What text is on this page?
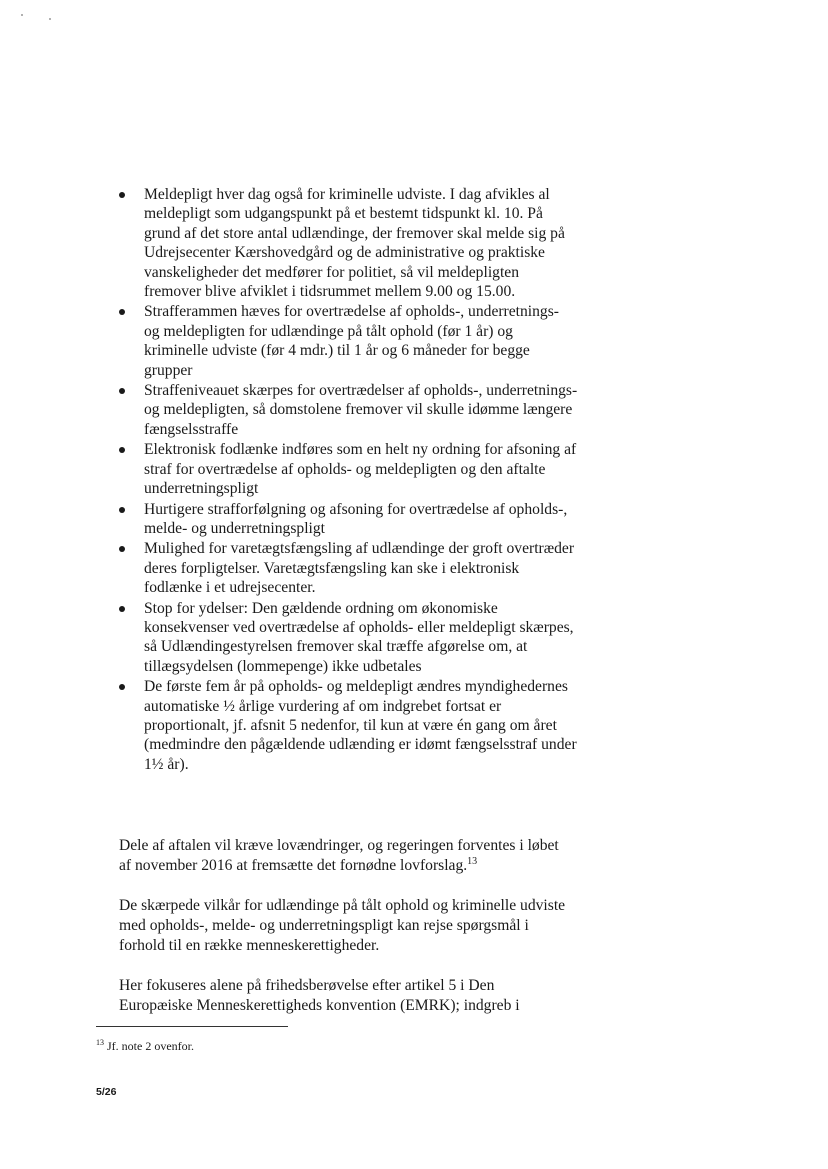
Meldepligt hver dag også for kriminelle udviste. I dag afvikles al meldepligt som udgangspunkt på et bestemt tidspunkt kl. 10. På grund af det store antal udlændinge, der fremover skal melde sig på Udrejsecenter Kærshovedgård og de administrative og praktiske vanskeligheder det medfører for politiet, så vil meldepligten fremover blive afviklet i tidsrummet mellem 9.00 og 15.00.
Strafferammen hæves for overtrædelse af opholds-, underretnings- og meldepligten for udlændinge på tålt ophold (før 1 år) og kriminelle udviste (før 4 mdr.) til 1 år og 6 måneder for begge grupper
Straffeniveauet skærpes for overtrædelser af opholds-, underretnings- og meldepligten, så domstolene fremover vil skulle idømme længere fængselsstraffe
Elektronisk fodlænke indføres som en helt ny ordning for afsoning af straf for overtrædelse af opholds- og meldepligten og den aftalte underretningspligt
Hurtigere strafforfølgning og afsoning for overtrædelse af opholds-, melde- og underretningspligt
Mulighed for varetægtsfængsling af udlændinge der groft overtræder deres forpligtelser. Varetægtsfængsling kan ske i elektronisk fodlænke i et udrejsecenter.
Stop for ydelser: Den gældende ordning om økonomiske konsekvenser ved overtrædelse af opholds- eller meldepligt skærpes, så Udlændingestyrelsen fremover skal træffe afgørelse om, at tillægsydelsen (lommepenge) ikke udbetales
De første fem år på opholds- og meldepligt ændres myndighedernes automatiske ½ årlige vurdering af om indgrebet fortsat er proportionalt, jf. afsnit 5 nedenfor, til kun at være én gang om året (medmindre den pågældende udlænding er idømt fængselsstraf under 1½ år).

Dele af aftalen vil kræve lovændringer, og regeringen forventes i løbet af november 2016 at fremsætte det fornødne lovforslag.$^{13}$

De skærpede vilkår for udlændinge på tålt ophold og kriminelle udviste med opholds-, melde- og underretningspligt kan rejse spørgsmål i forhold til en række menneskerettigheder.

Her fokuseres alene på frihedsberøvelse efter artikel 5 i Den Europæiske Menneskerettigheds konvention (EMRK); indgreb i

$^{13}$ Jf. note 2 ovenfor.

5/26
